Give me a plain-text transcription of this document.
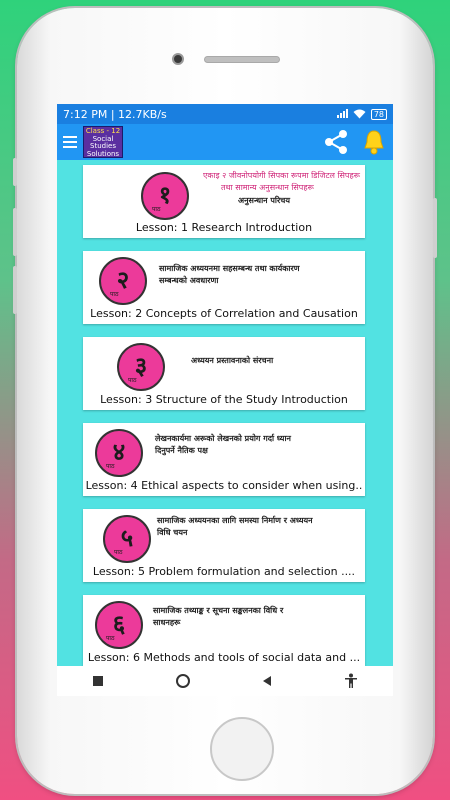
7:12 PM | 12.7KB/s	78
Class - 12
Social
Studies
Solutions
१
पाठ
एकाइ २ जीवनोपयोगी सिपका रूपमा डिजिटल सिपहरू
तथा सामान्य अनुसन्धान सिपहरू
अनुसन्धान परिचय
Lesson: 1 Research Introduction
२
पाठ
सामाजिक अध्ययनमा सहसम्बन्ध तथा कार्यकारण
सम्बन्धको अवधारणा
Lesson: 2 Concepts of Correlation and Causation
३
पाठ
अध्ययन प्रस्तावनाको संरचना
Lesson: 3 Structure of the Study Introduction
४
पाठ
लेखनकार्यमा अरूको लेखनको प्रयोग गर्दा ध्यान
दिनुपर्ने नैतिक पक्ष
Lesson: 4 Ethical aspects to consider when using..
५
पाठ
सामाजिक अध्ययनका लागि समस्या निर्माण र अध्ययन
विधि चयन
Lesson: 5 Problem formulation and selection ....
६
पाठ
सामाजिक तथ्याङ्क र सूचना सङ्कलनका विधि र
साधनहरू
Lesson: 6 Methods and tools of social data and ...
